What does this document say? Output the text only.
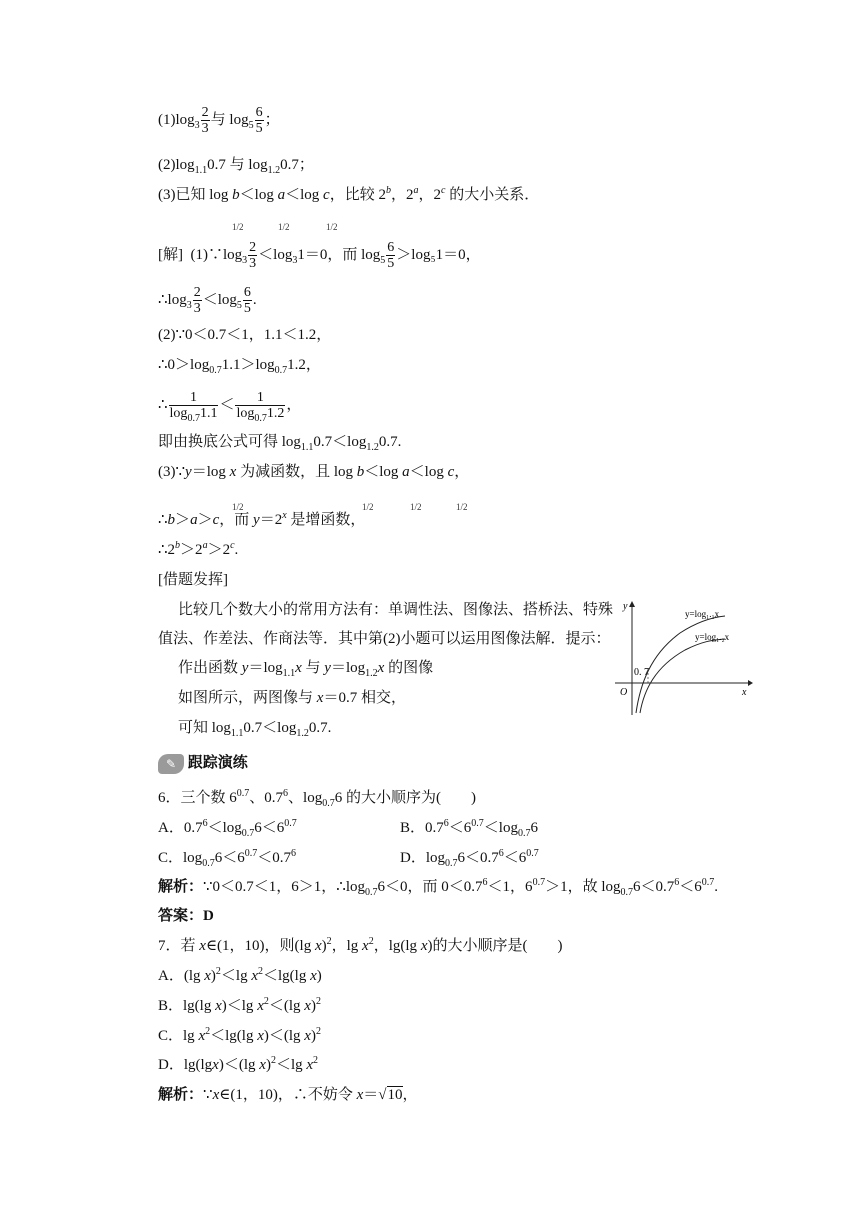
$(1)\log_3 \frac{2}{3}$ 与 $\log_5 \frac{6}{5}$ ；
$(2)\log_{1.1}0.7$ 与 $\log_{1.2}0.7$；
(3)已知 log b＜log a＜log c，比较 2$^b$，2$^a$，2$^c$ 的大小关系．
1/2	1/2	1/2
[解]  $(1)\because\log_3 \frac{2}{3} <\log_31=0$，而 $\log_5 \frac{6}{5} >\log_51=0$，
$\therefore\log_3 \frac{2}{3} <\log_5 \frac{6}{5}$ .
(2)∵0＜0.7＜1，1.1＜1.2，
$\therefore 0>\log_{0.7}1.1>\log_{0.7}1.2$，
∴ $\frac{1}{\log_{0.7}1.1} < \frac{1}{\log_{0.7}1.2}$ ，
即由换底公式可得 $\log_{1.1}0.7<\log_{1.2}0.7$.
(3)∵y＝log x 为减函数，且 log b＜log a＜log c，
∴b＞a＞c，而 $y=2^x$ 是增函数，
1/2	1/2	1/2	1/2
$\therefore 2^b>2^a>2^c$.
[借题发挥]
比较几个数大小的常用方法有：单调性法、图像法、搭桥法、特殊
值法、作差法、作商法等．其中第(2)小题可以运用图像法解．提示：
作出函数 $y=\log_{1.1}x$ 与 $y=\log_{1.2}x$ 的图像
如图所示，两图像与 x＝0.7 相交，
可知 $\log_{1.1}0.7<\log_{1.2}0.7$.
y
x
O
0. 7
y=log₁.₁x
y=log₁.₂x
✎ 跟踪演练
6．三个数 $6^{0.7}$、$0.7^6$、$\log_{0.7}6$ 的大小顺序为(　　)
A．$0.7^6<\log_{0.7}6<6^{0.7}$	B．$0.7^6<6^{0.7}<\log_{0.7}6$
C．$\log_{0.7}6<6^{0.7}<0.7^6$	D．$\log_{0.7}6<0.7^6<6^{0.7}$
解析：∵0＜0.7＜1，6＞1，$\therefore\log_{0.7}6<0$，而 $0<0.7^6<1$，$6^{0.7}>1$，故 $\log_{0.7}6<0.7^6<6^{0.7}$.
答案：D
7．若 x∈(1，10)，则(lg x)$^2$，$\lg x^2$，lg(lg x)的大小顺序是(　　)
A．(lg x)$^2$＜lg $x^2<\lg(\lg$ x)
B．lg(lg x)＜lg $x^2<(\lg$ x)$^2$
C．$\lg x^2<\lg(\lg$ x)＜(lg x)$^2$
D．lg(lgx)＜(lg x)$^2$＜lg $x^2$
解析：∵x∈(1，10)，∴不妨令 x＝√10，
